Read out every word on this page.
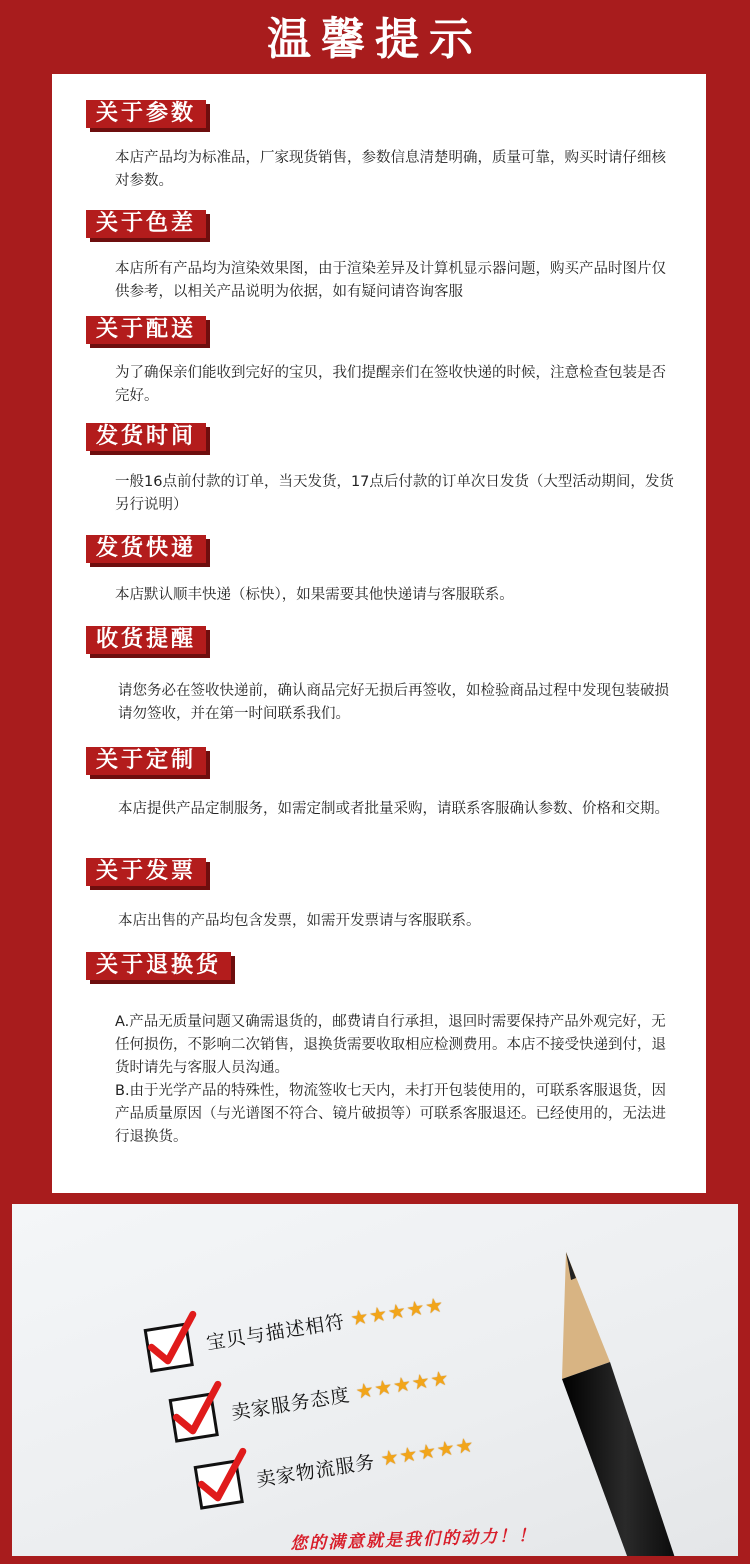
温馨提示
关于参数
本店产品均为标准品，厂家现货销售，参数信息清楚明确，质量可靠，购买时请仔细核对参数。
关于色差
本店所有产品均为渲染效果图，由于渲染差异及计算机显示器问题，购买产品时图片仅供参考，以相关产品说明为依据，如有疑问请咨询客服
关于配送
为了确保亲们能收到完好的宝贝，我们提醒亲们在签收快递的时候，注意检查包装是否完好。
发货时间
一般16点前付款的订单，当天发货，17点后付款的订单次日发货（大型活动期间，发货另行说明）
发货快递
本店默认顺丰快递（标快），如果需要其他快递请与客服联系。
收货提醒
请您务必在签收快递前，确认商品完好无损后再签收，如检验商品过程中发现包装破损请勿签收，并在第一时间联系我们。
关于定制
本店提供产品定制服务，如需定制或者批量采购，请联系客服确认参数、价格和交期。
关于发票
本店出售的产品均包含发票，如需开发票请与客服联系。
关于退换货
A.产品无质量问题又确需退货的，邮费请自行承担，退回时需要保持产品外观完好，无任何损伤，不影响二次销售，退换货需要收取相应检测费用。本店不接受快递到付，退货时请先与客服人员沟通。
B.由于光学产品的特殊性，物流签收七天内，未打开包装使用的，可联系客服退货，因产品质量原因（与光谱图不符合、镜片破损等）可联系客服退还。已经使用的，无法进行退换货。
宝贝与描述相符 ★★★★★
卖家服务态度 ★★★★★
卖家物流服务 ★★★★★
您的满意就是我们的动力！！
